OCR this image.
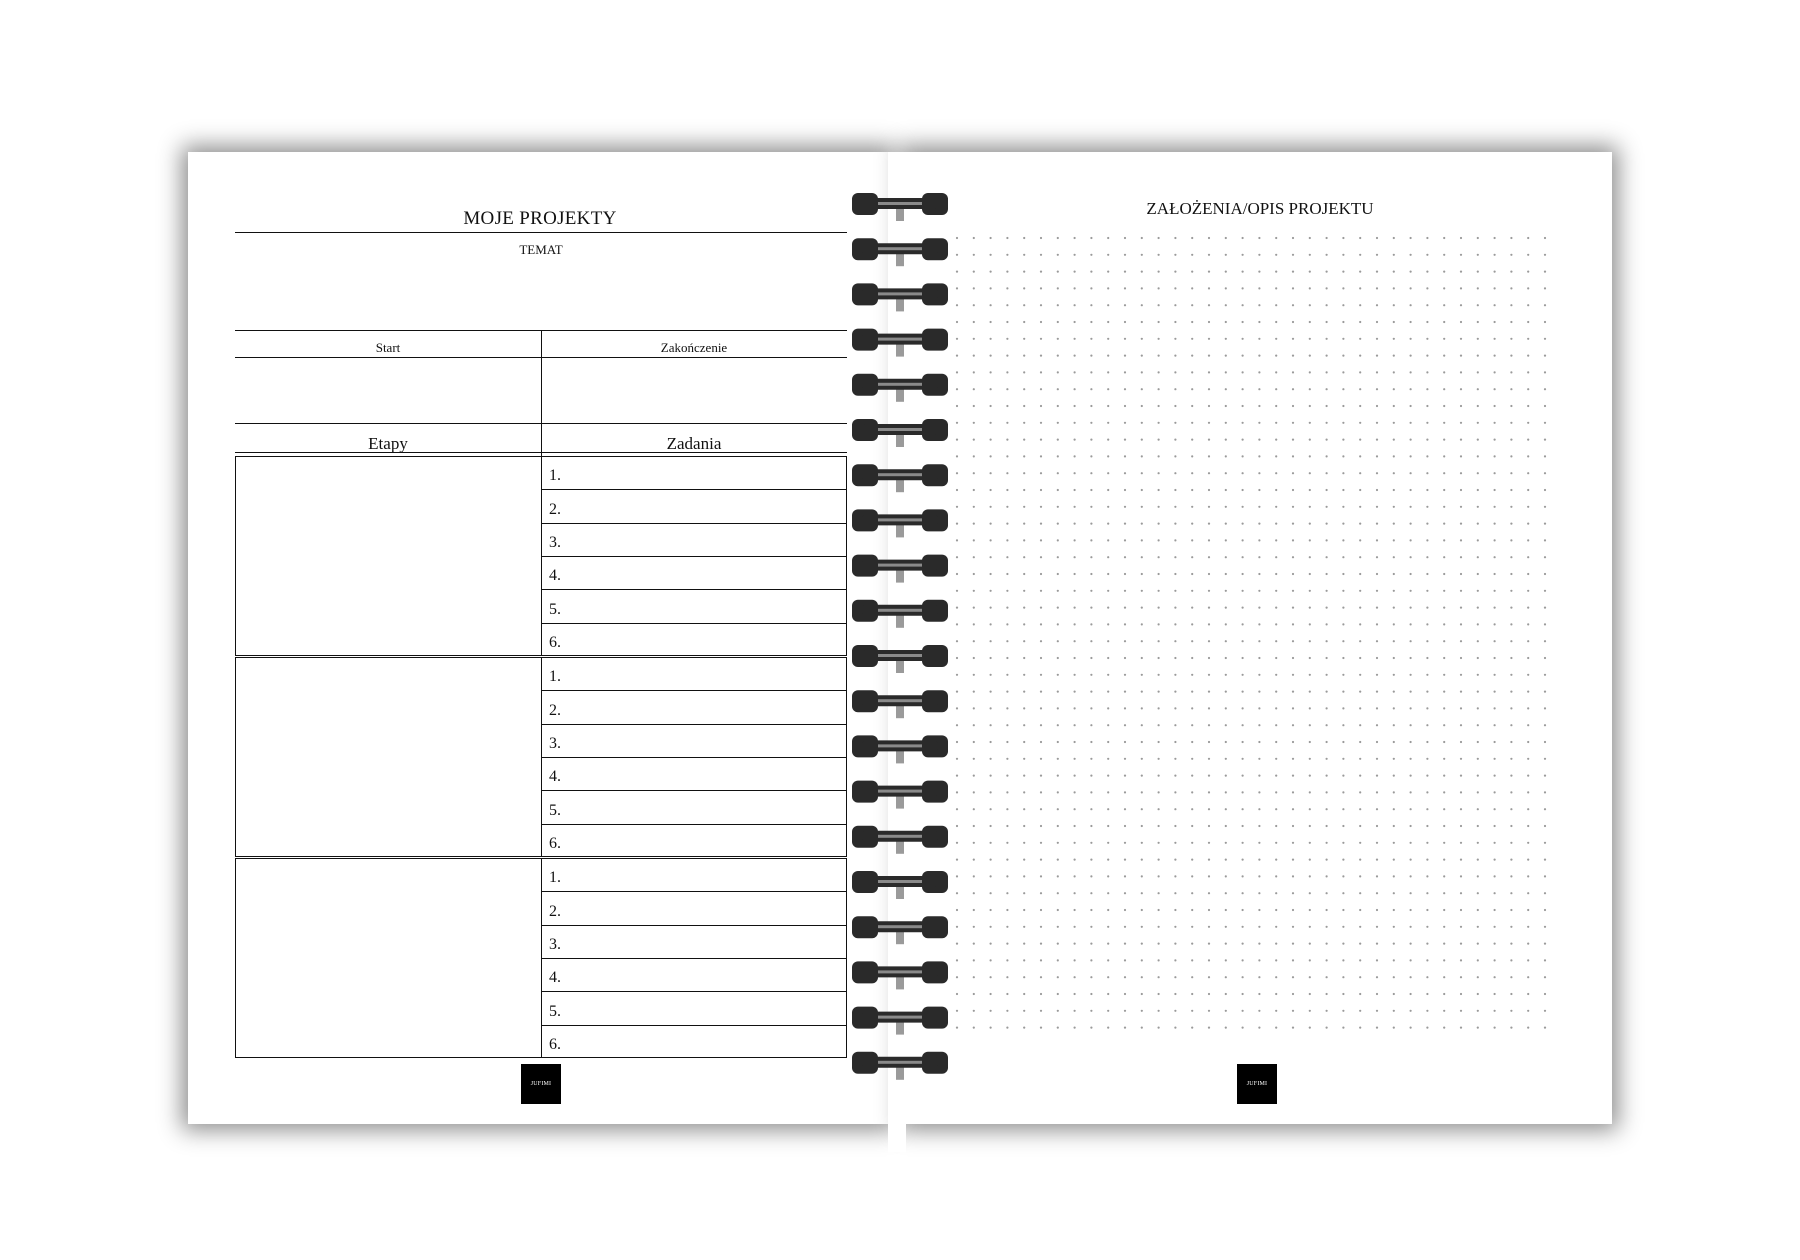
MOJE PROJEKTY
TEMAT
Start	Zakończenie
Etapy	Zadania
1.
2.
3.
4.
5.
6.
1.
2.
3.
4.
5.
6.
1.
2.
3.
4.
5.
6.
JUFIMI
ZAŁOŻENIA/OPIS PROJEKTU
JUFIMI
